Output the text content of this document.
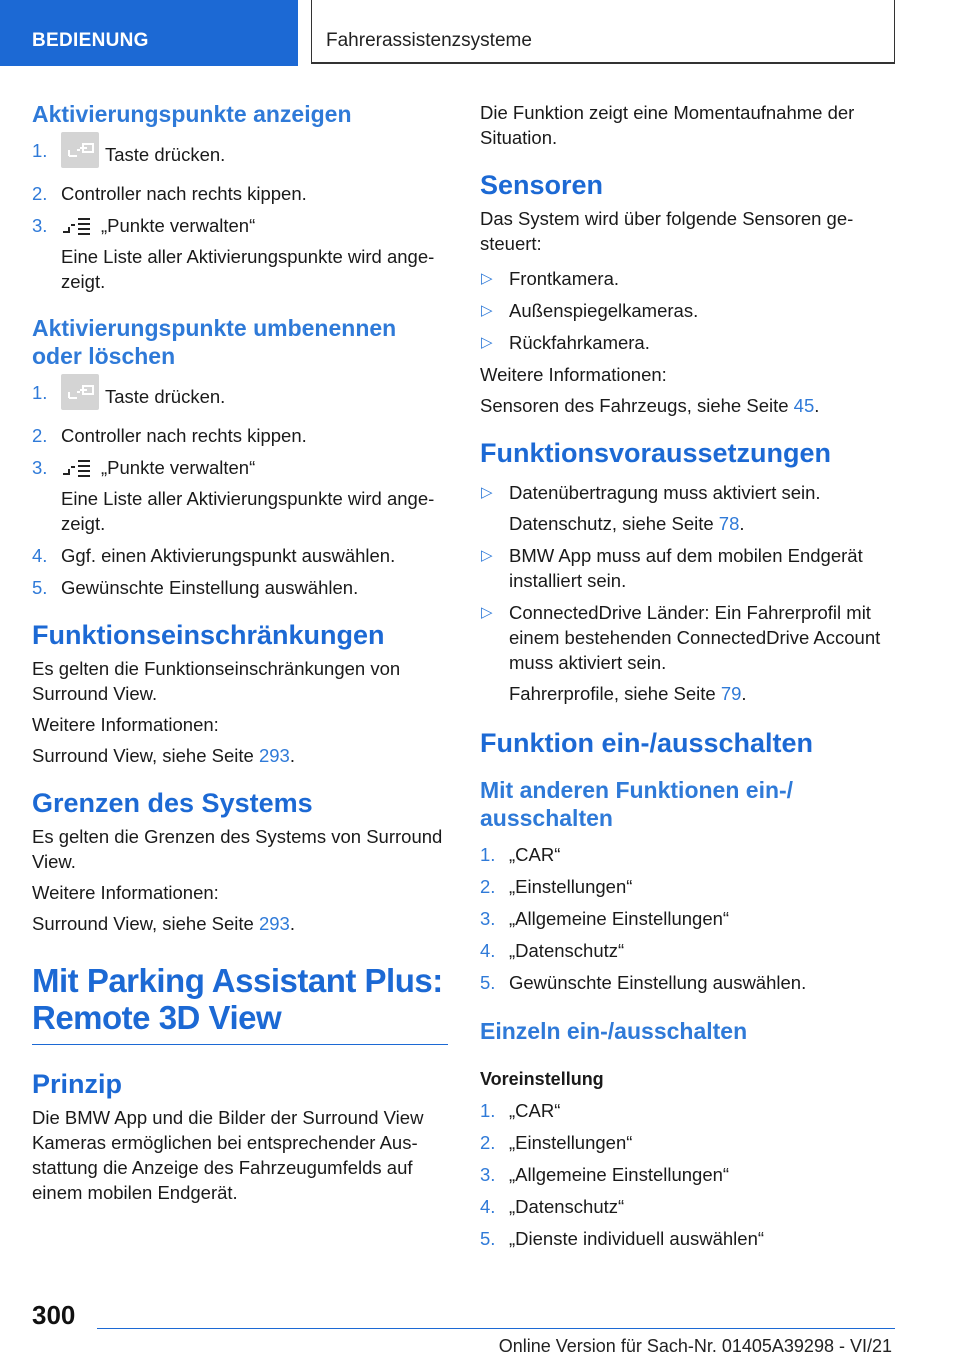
BEDIENUNG	Fahrerassistenzsysteme
Aktivierungspunkte anzeigen
1.	Taste drücken.
2. Controller nach rechts kippen.
3.	„Punkte verwalten“
Eine Liste aller Aktivierungspunkte wird angezeigt.
Aktivierungspunkte umbenennen oder löschen
1.	Taste drücken.
2. Controller nach rechts kippen.
3.	„Punkte verwalten“
Eine Liste aller Aktivierungspunkte wird angezeigt.
4. Ggf. einen Aktivierungspunkt auswählen.
5. Gewünschte Einstellung auswählen.
Funktionseinschränkungen

Es gelten die Funktionseinschränkungen von Surround View.

Weitere Informationen:

Surround View, siehe Seite 293.

Grenzen des Systems

Es gelten die Grenzen des Systems von Surround View.

Weitere Informationen:

Surround View, siehe Seite 293.

Mit Parking Assistant Plus: Remote 3D View
Prinzip

Die BMW App und die Bilder der Surround View Kameras ermöglichen bei entsprechender Ausstattung die Anzeige des Fahrzeugumfelds auf einem mobilen Endgerät.

Die Funktion zeigt eine Momentaufnahme der Situation.

Sensoren

Das System wird über folgende Sensoren gesteuert:

▷ Frontkamera.
▷ Außenspiegelkameras.
▷ Rückfahrkamera.

Weitere Informationen:

Sensoren des Fahrzeugs, siehe Seite 45.

Funktionsvoraussetzungen
▷ Datenübertragung muss aktiviert sein.
Datenschutz, siehe Seite 78.
▷ BMW App muss auf dem mobilen Endgerät installiert sein.
▷ ConnectedDrive Länder: Ein Fahrerprofil mit einem bestehenden ConnectedDrive Account muss aktiviert sein.
Fahrerprofile, siehe Seite 79.
Funktion ein-/ausschalten
Mit anderen Funktionen ein-/ ausschalten
1. „CAR“
2. „Einstellungen“
3. „Allgemeine Einstellungen“
4. „Datenschutz“
5. Gewünschte Einstellung auswählen.
Einzeln ein-/ausschalten

Voreinstellung

1. „CAR“
2. „Einstellungen“
3. „Allgemeine Einstellungen“
4. „Datenschutz“
5. „Dienste individuell auswählen“
300
Online Version für Sach-Nr. 01405A39298 - VI/21
